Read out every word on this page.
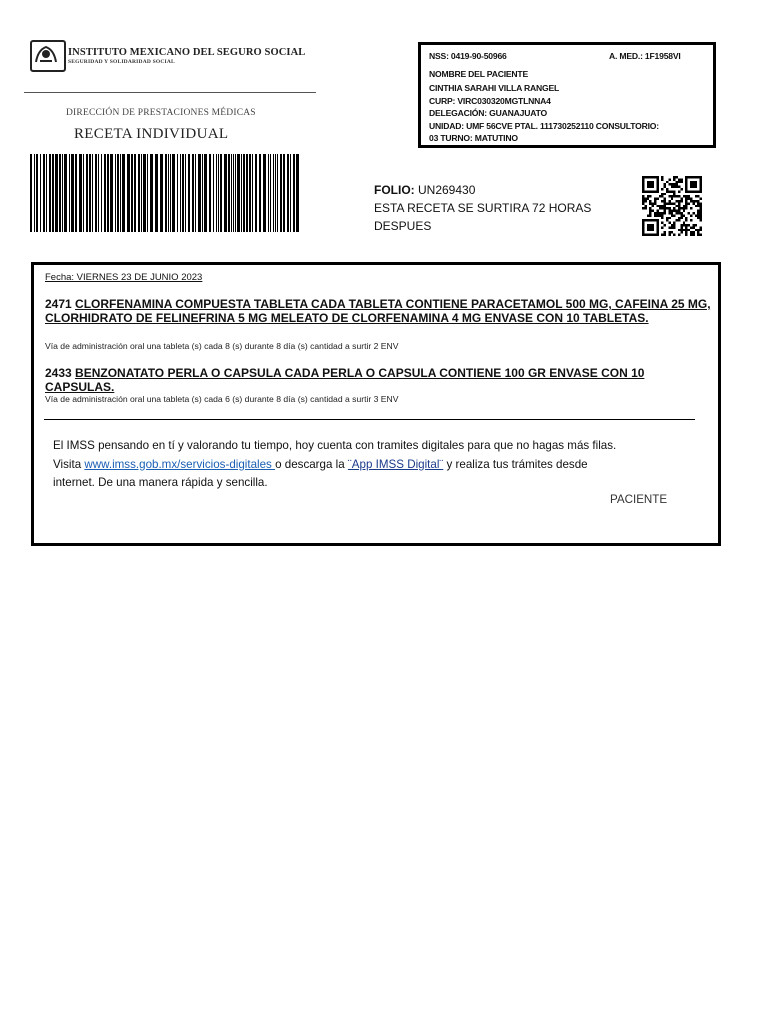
INSTITUTO MEXICANO DEL SEGURO SOCIAL
SEGURIDAD Y SOLIDARIDAD SOCIAL
DIRECCIÓN DE PRESTACIONES MÉDICAS
RECETA INDIVIDUAL
NSS: 0419-90-50966	A. MED.: 1F1958VI
NOMBRE DEL PACIENTE
CINTHIA SARAHI VILLA RANGEL
CURP: VIRC030320MGTLNNA4
DELEGACIÓN: GUANAJUATO
UNIDAD: UMF 56CVE PTAL. 111730252110 CONSULTORIO:
03 TURNO: MATUTINO
FOLIO: UN269430
ESTA RECETA SE SURTIRA 72 HORAS
DESPUES
Fecha: VIERNES 23 DE JUNIO 2023
2471 CLORFENAMINA COMPUESTA TABLETA CADA TABLETA CONTIENE PARACETAMOL 500 MG, CAFEINA 25 MG, CLORHIDRATO DE FELINEFRINA 5 MG MELEATO DE CLORFENAMINA 4 MG ENVASE CON 10 TABLETAS.
Vía de administración oral una tableta (s) cada 8 (s) durante 8 día (s) cantidad a surtir 2 ENV
2433 BENZONATATO PERLA O CAPSULA CADA PERLA O CAPSULA CONTIENE 100 GR ENVASE CON 10 CAPSULAS.
Vía de administración oral una tableta (s) cada 6 (s) durante 8 día (s) cantidad a surtir 3 ENV
El IMSS pensando en tí y valorando tu tiempo, hoy cuenta con tramites digitales para que no hagas más filas.
Visita www.imss.gob.mx/servicios-digitales o descarga la ¨App IMSS Digital¨ y realiza tus trámites desde
internet. De una manera rápida y sencilla.
PACIENTE
